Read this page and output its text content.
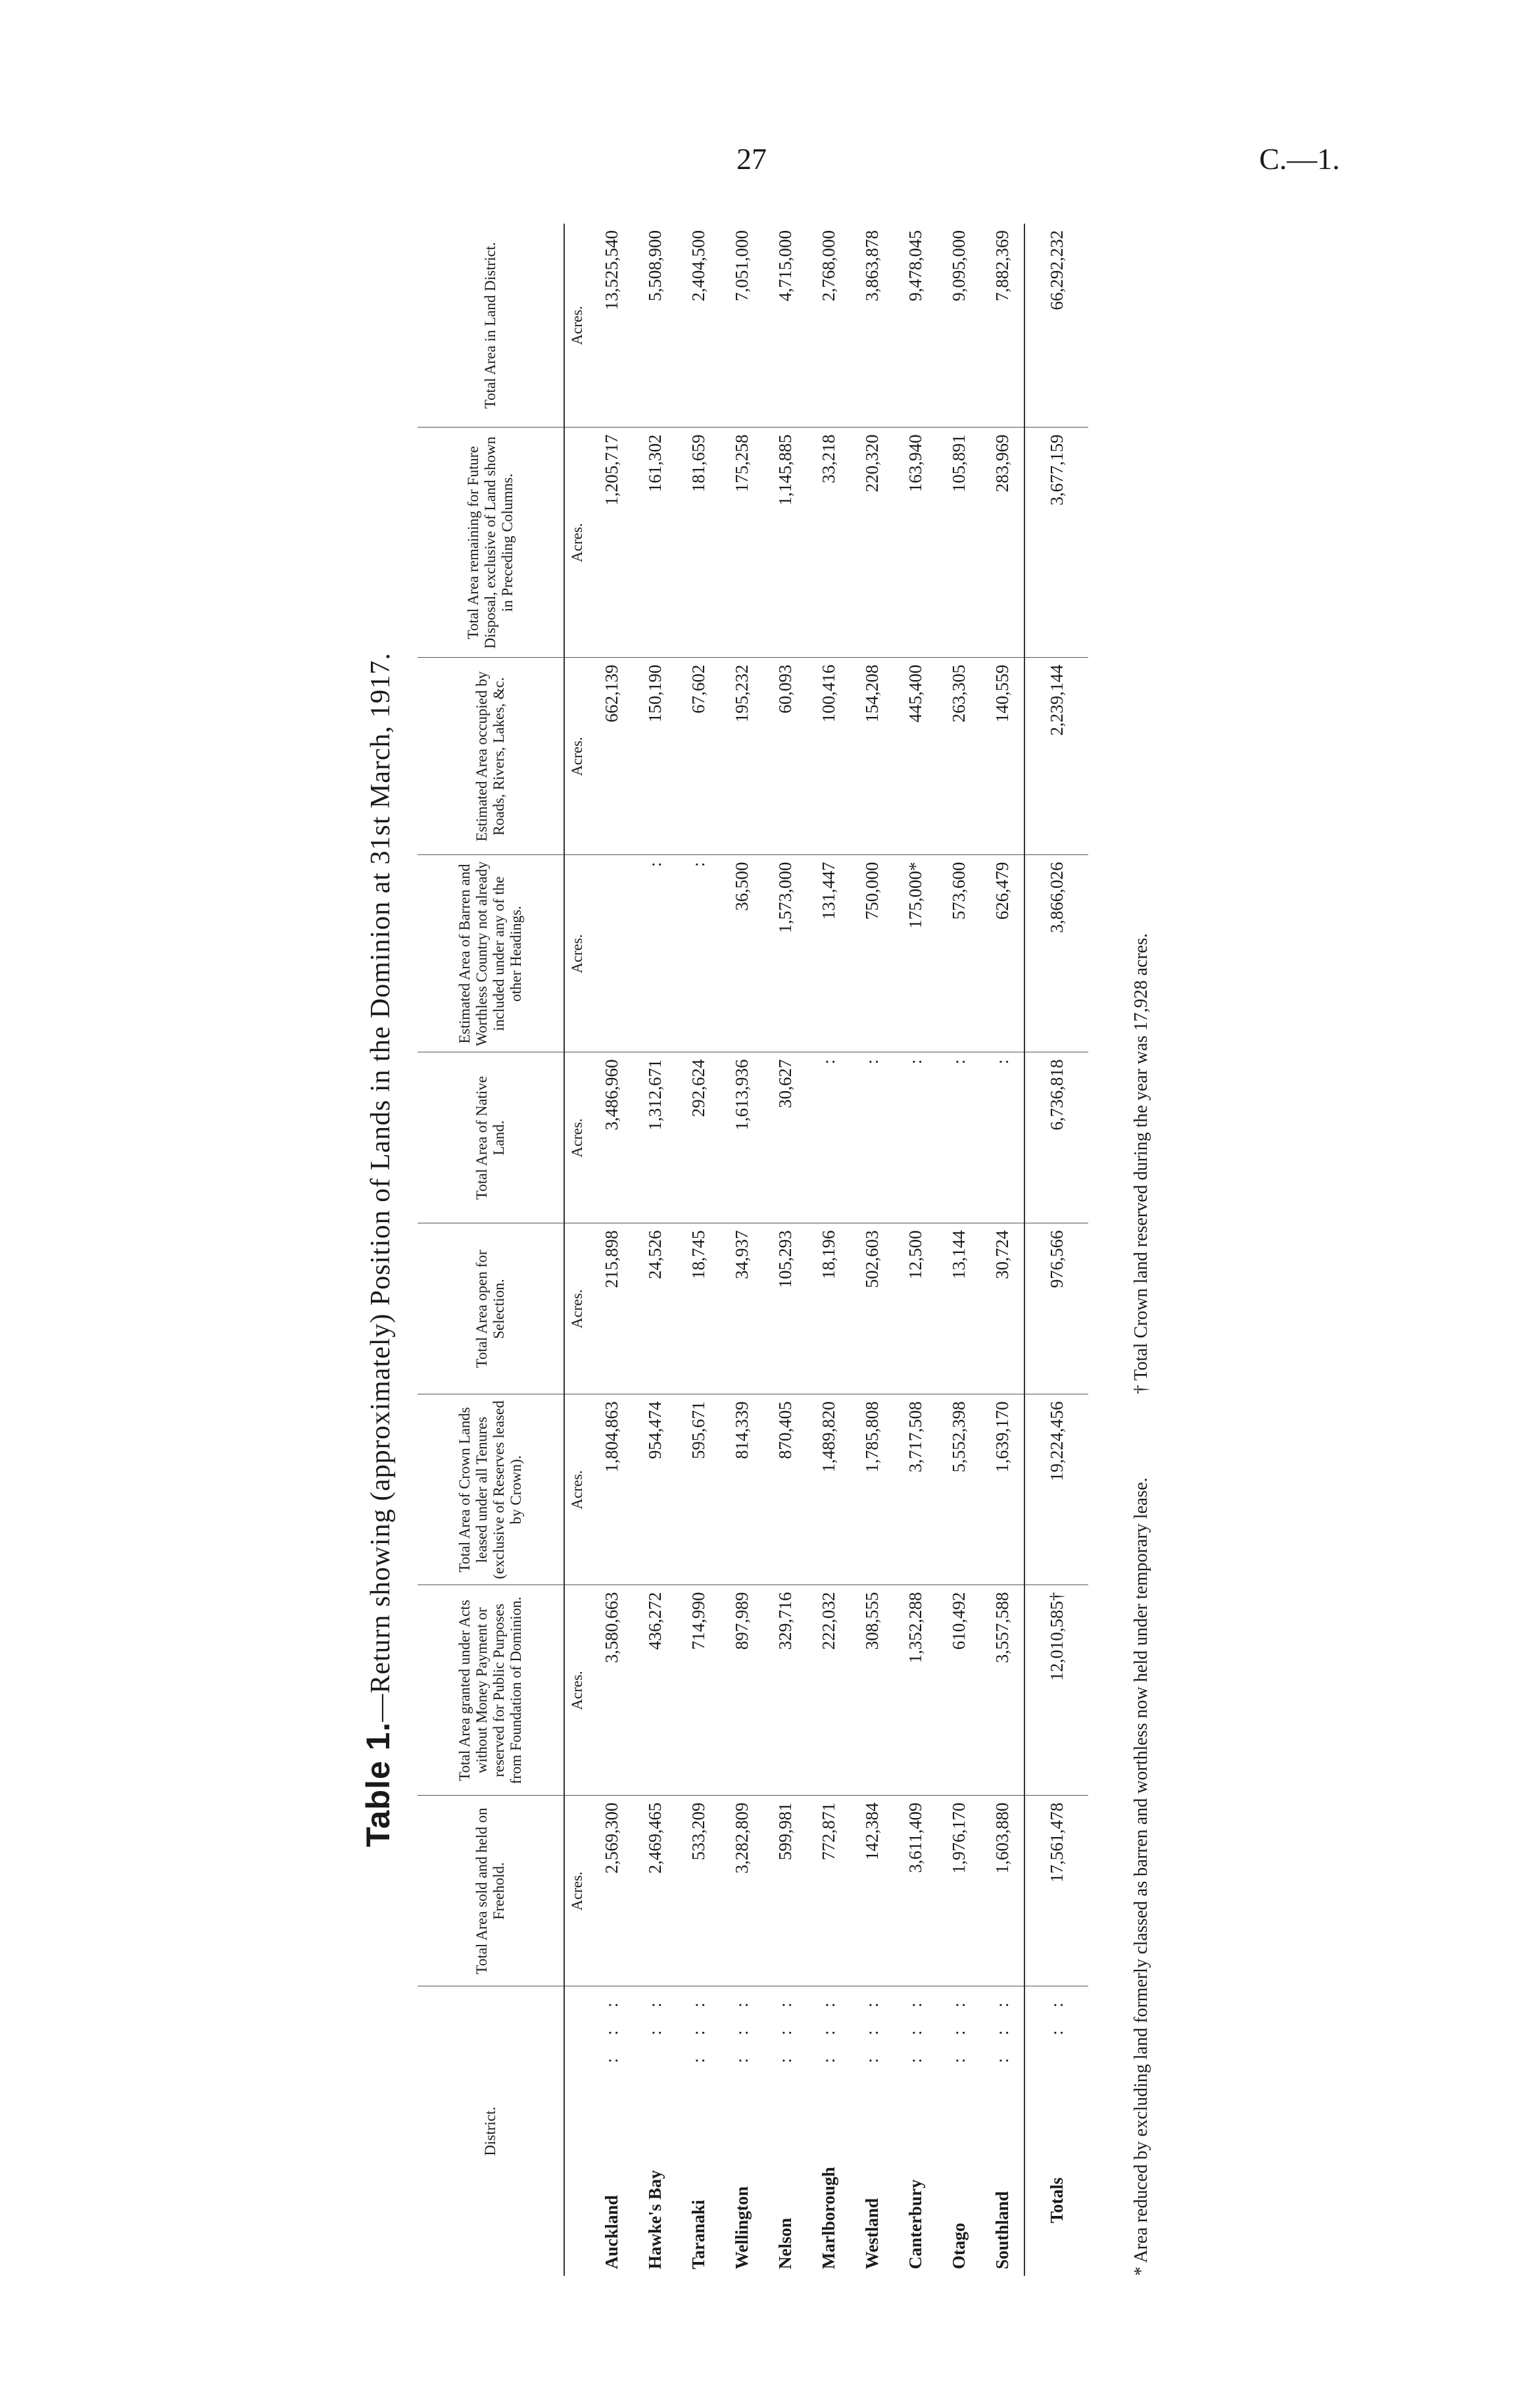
27	C.—1.
Table 1.—Return showing (approximately) Position of Lands in the Dominion at 31st March, 1917.
District.	Total Area sold and held on Freehold.	Total Area granted under Acts without Money Payment or reserved for Public Purposes from Foundation of Dominion.	Total Area of Crown Lands leased under all Tenures (exclusive of Reserves leased by Crown).	Total Area open for Selection.	Total Area of Native Land.	Estimated Area of Barren and Worthless Country not already included under any of the other Headings.	Estimated Area occupied by Roads, Rivers, Lakes, &c.	Total Area remaining for Future Disposal, exclusive of Land shown in Preceding Columns.	Total Area in Land District.
	Acres.	Acres.	Acres.	Acres.	Acres.	Acres.	Acres.	Acres.	Acres.
Auckland
: : :	2,569,300	3,580,663	1,804,863	215,898	3,486,960		662,139	1,205,717	13,525,540
Hawke's Bay
: :	2,469,465	436,272	954,474	24,526	1,312,671	:	150,190	161,302	5,508,900
Taranaki
: : :	533,209	714,990	595,671	18,745	292,624	:	67,602	181,659	2,404,500
Wellington
: : :	3,282,809	897,989	814,339	34,937	1,613,936	36,500	195,232	175,258	7,051,000
Nelson
: : :	599,981	329,716	870,405	105,293	30,627	1,573,000	60,093	1,145,885	4,715,000
Marlborough
: : :	772,871	222,032	1,489,820	18,196	:	131,447	100,416	33,218	2,768,000
Westland
: : :	142,384	308,555	1,785,808	502,603	:	750,000	154,208	220,320	3,863,878
Canterbury
: : :	3,611,409	1,352,288	3,717,508	12,500	:	175,000*	445,400	163,940	9,478,045
Otago
: : :	1,976,170	610,492	5,552,398	13,144	:	573,600	263,305	105,891	9,095,000
Southland
: : :	1,603,880	3,557,588	1,639,170	30,724	:	626,479	140,559	283,969	7,882,369
Totals
: :	17,561,478	12,010,585†	19,224,456	976,566	6,736,818	3,866,026	2,239,144	3,677,159	66,292,232
* Area reduced by excluding land formerly classed as barren and worthless now held under temporary lease. † Total Crown land reserved during the year was 17,928 acres.
